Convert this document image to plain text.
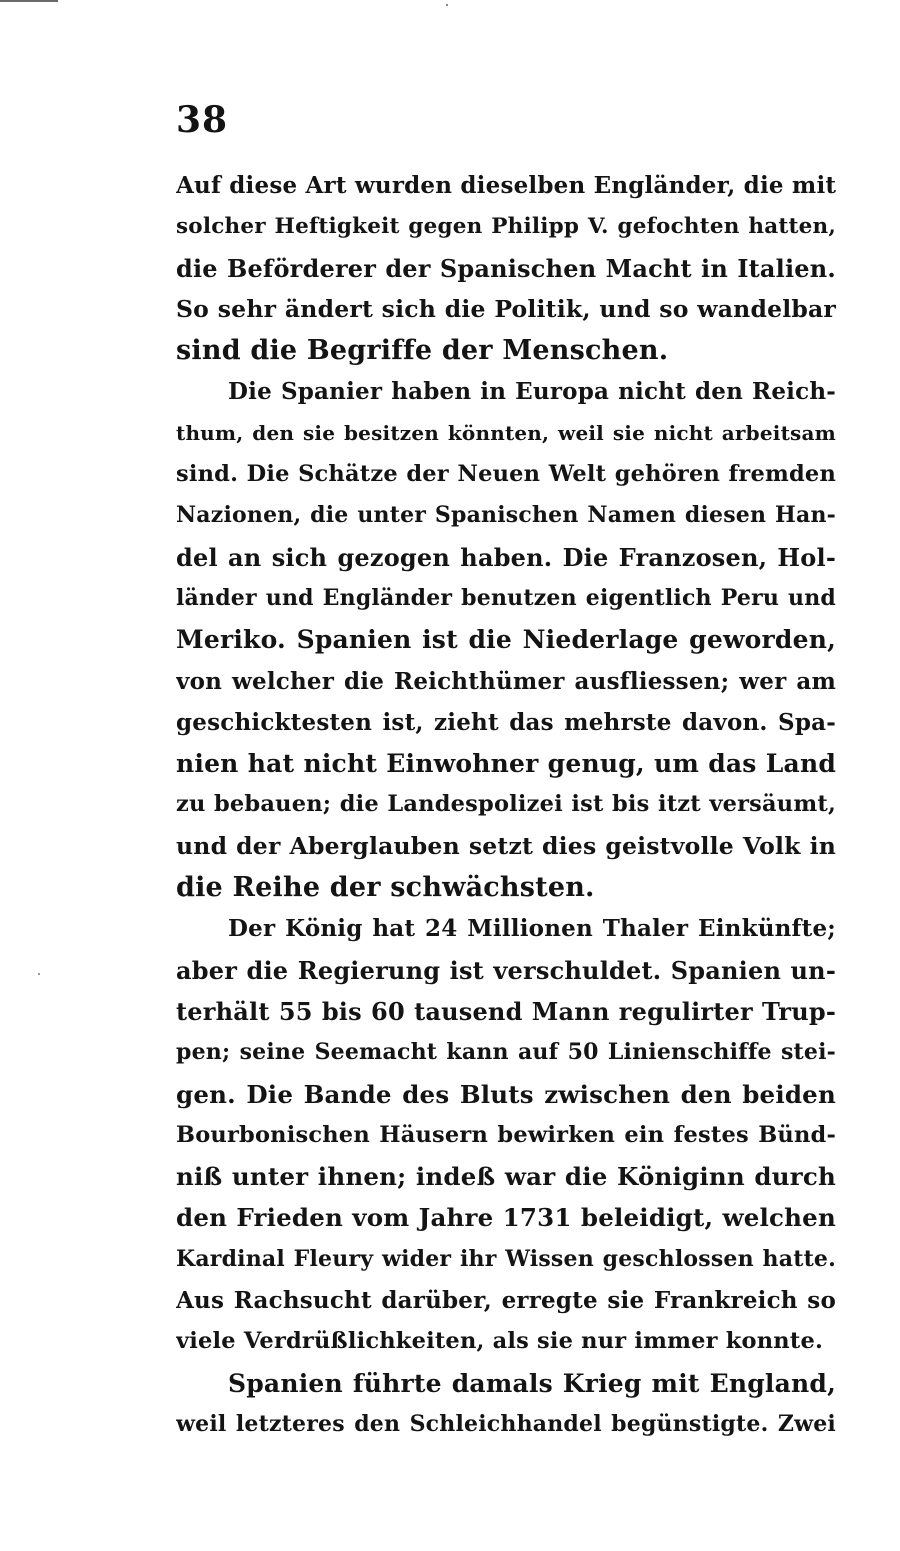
38
Auf diese Art wurden dieselben Engländer, die mit
solcher Heftigkeit gegen Philipp V. gefochten hatten,
die Beförderer der Spanischen Macht in Italien.
So sehr ändert sich die Politik, und so wandelbar
sind die Begriffe der Menschen.
Die Spanier haben in Europa nicht den Reich-
thum, den sie besitzen könnten, weil sie nicht arbeitsam
sind. Die Schätze der Neuen Welt gehören fremden
Nazionen, die unter Spanischen Namen diesen Han-
del an sich gezogen haben. Die Franzosen, Hol-
länder und Engländer benutzen eigentlich Peru und
Meriko. Spanien ist die Niederlage geworden,
von welcher die Reichthümer ausfliessen; wer am
geschicktesten ist, zieht das mehrste davon. Spa-
nien hat nicht Einwohner genug, um das Land
zu bebauen; die Landespolizei ist bis itzt versäumt,
und der Aberglauben setzt dies geistvolle Volk in
die Reihe der schwächsten.
Der König hat 24 Millionen Thaler Einkünfte;
aber die Regierung ist verschuldet. Spanien un-
terhält 55 bis 60 tausend Mann regulirter Trup-
pen; seine Seemacht kann auf 50 Linienschiffe stei-
gen. Die Bande des Bluts zwischen den beiden
Bourbonischen Häusern bewirken ein festes Bünd-
niß unter ihnen; indeß war die Königinn durch
den Frieden vom Jahre 1731 beleidigt, welchen
Kardinal Fleury wider ihr Wissen geschlossen hatte.
Aus Rachsucht darüber, erregte sie Frankreich so
viele Verdrüßlichkeiten, als sie nur immer konnte.
Spanien führte damals Krieg mit England,
weil letzteres den Schleichhandel begünstigte. Zwei
